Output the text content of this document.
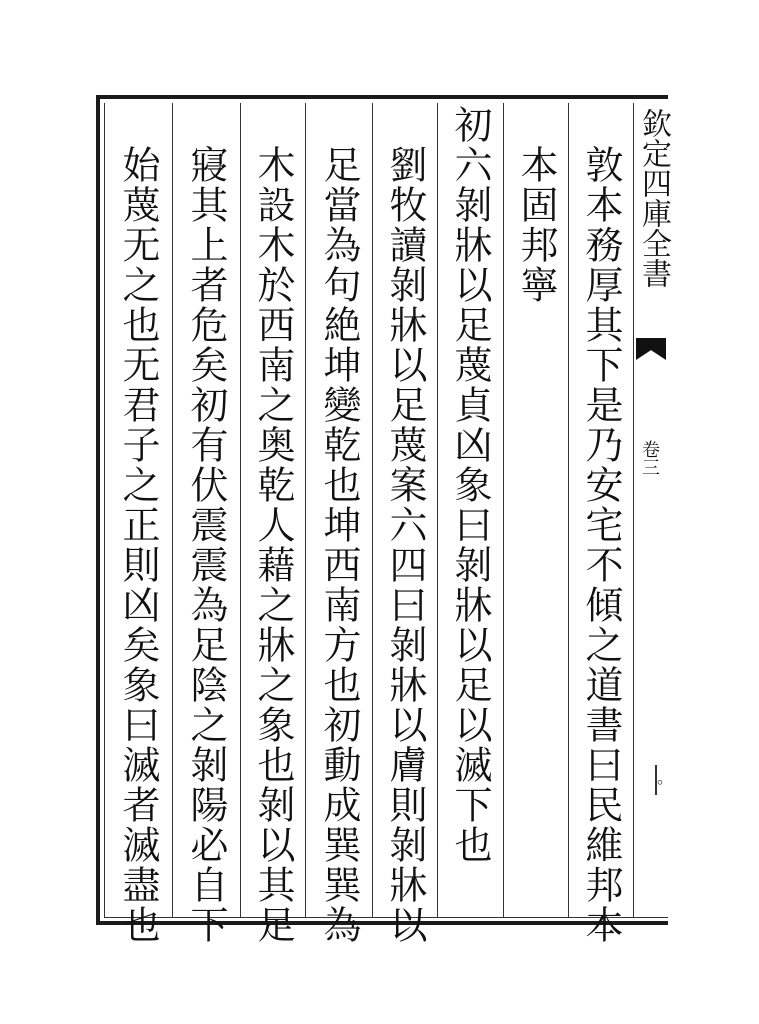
欽定四庫全書
卷三
。
敦本務厚其下是乃安宅不傾之道書曰民維邦本
本固邦寧
初六剝牀以足蔑貞凶象曰剝牀以足以滅下也
劉牧讀剝牀以足蔑案六四曰剝牀以膚則剝牀以
足當為句絶坤變乾也坤西南方也初動成巽巽為
木設木於西南之奥乾人藉之牀之象也剝以其足
寢其上者危矣初有伏震震為足陰之剝陽必自下
始蔑无之也无君子之正則凶矣象曰滅者滅盡也
